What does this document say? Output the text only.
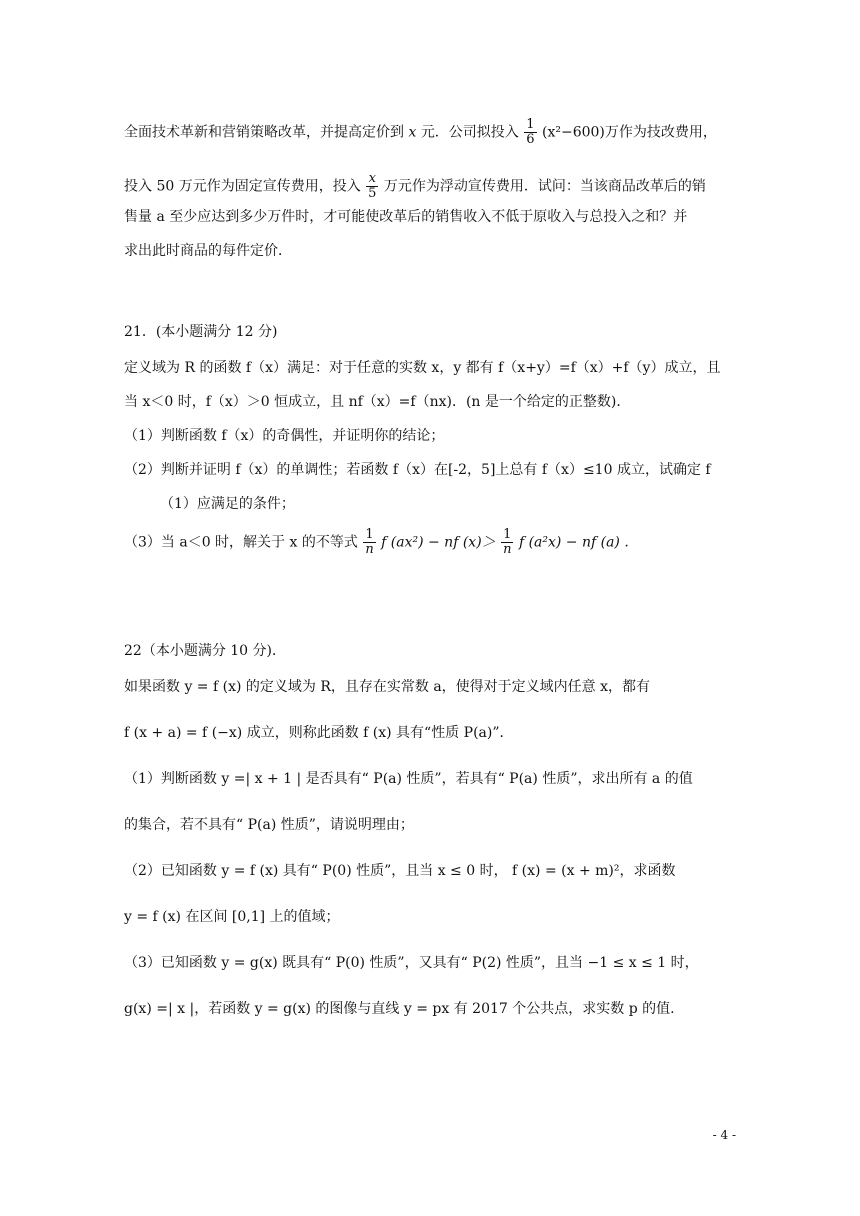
全面技术革新和营销策略改革，并提高定价到 x 元．公司拟投入 $\frac{1}{6} (x^2-600)$万作为技改费用，
投入 50 万元作为固定宣传费用，投入 $\frac{x}{5}$ 万元作为浮动宣传费用．试问：当该商品改革后的销
售量 a 至少应达到多少万件时，才可能使改革后的销售收入不低于原收入与总投入之和？并
求出此时商品的每件定价．
21．(本小题满分 12 分)
定义域为 R 的函数 f（x）满足：对于任意的实数 x，y 都有 f（x+y）=f（x）+f（y）成立，且
当 x＜0 时，f（x）＞0 恒成立，且 nf（x）=f（nx)．(n 是一个给定的正整数)．
（1）判断函数 f（x）的奇偶性，并证明你的结论；
（2）判断并证明 f（x）的单调性；若函数 f（x）在[-2，5]上总有 f（x）≤10 成立，试确定 f
（1）应满足的条件；
（3）当 a＜0 时，解关于 x 的不等式 $\frac{1}{n}$ f (ax²) − nf $(x)> \frac{1}{n}$ f (a²x) − nf (a) .
22（本小题满分 10 分)．
如果函数 y = f (x) 的定义域为 R，且存在实常数 a，使得对于定义域内任意 x，都有
f (x + a) = f (−x) 成立，则称此函数 f (x) 具有“性质 P(a)”．
（1）判断函数 y =| x + 1 | 是否具有“ P(a) 性质”，若具有“ P(a) 性质”，求出所有 a 的值
的集合，若不具有“ P(a) 性质”，请说明理由；
（2）已知函数 y = f (x) 具有“ P(0) 性质”，且当 x ≤ 0 时， f (x) = (x + m)²，求函数
y = f (x) 在区间 [0,1] 上的值域；
（3）已知函数 y = g(x) 既具有“ P(0) 性质”，又具有“ P(2) 性质”，且当 −1 ≤ x ≤ 1 时，
g(x) =| x |，若函数 y = g(x) 的图像与直线 y = px 有 2017 个公共点，求实数 p 的值.
- 4 -
